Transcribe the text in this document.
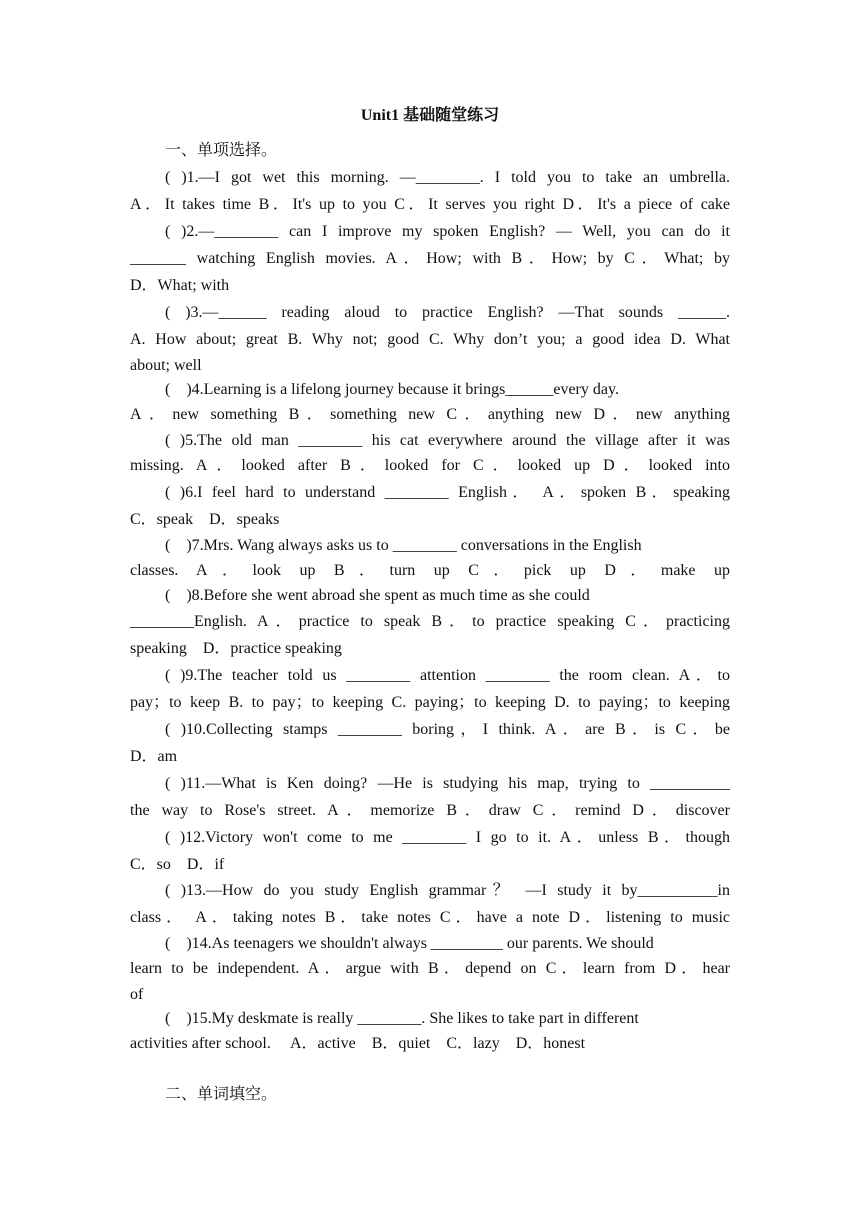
Unit1 基础随堂练习
一、单项选择。
( )1.—I got wet this morning. —________. I told you to take an umbrella.
A．It takes time B．It's up to you C．It serves you right D．It's a piece of cake
( )2.—________ can I improve my spoken English? — Well, you can do it
_______ watching English movies. A．How; with B．How; by C．What; by
D．What; with
( )3.—______ reading aloud to practice English? —That sounds ______.
A. How about; great B. Why not; good C. Why don’t you; a good idea D. What
about; well
(    )4.Learning is a lifelong journey because it brings______every day.
A．new something B．something new C．anything new D．new anything
( )5.The old man ________ his cat everywhere around the village after it was
missing. A．looked after B．looked for C．looked up D．looked into
( )6.I feel hard to understand ________ English． A．spoken B．speaking
C．speak    D．speaks
(    )7.Mrs. Wang always asks us to ________ conversations in the English
classes. A．look up B．turn up C．pick up D．make up
(    )8.Before she went abroad she spent as much time as she could
________English. A．practice to speak B．to practice speaking C．practicing
speaking    D．practice speaking
( )9.The teacher told us ________ attention ________ the room clean. A．to
pay；to keep B. to pay；to keeping C. paying；to keeping D. to paying；to keeping
( )10.Collecting stamps ________ boring，I think. A．are B．is C．be
D．am
( )11.—What is Ken doing? —He is studying his map, trying to __________
the way to Rose's street. A．memorize B．draw C．remind D．discover
( )12.Victory won't come to me ________ I go to it. A．unless B．though
C．so    D．if
( )13.—How do you study English grammar？ —I study it by__________in
class． A．taking notes B．take notes C．have a note D．listening to music
(    )14.As teenagers we shouldn't always _________ our parents. We should
learn to be independent. A．argue with B．depend on C．learn from D．hear
of
(    )15.My deskmate is really ________. She likes to take part in different
activities after school.     A．active    B．quiet    C．lazy    D．honest
二、单词填空。
